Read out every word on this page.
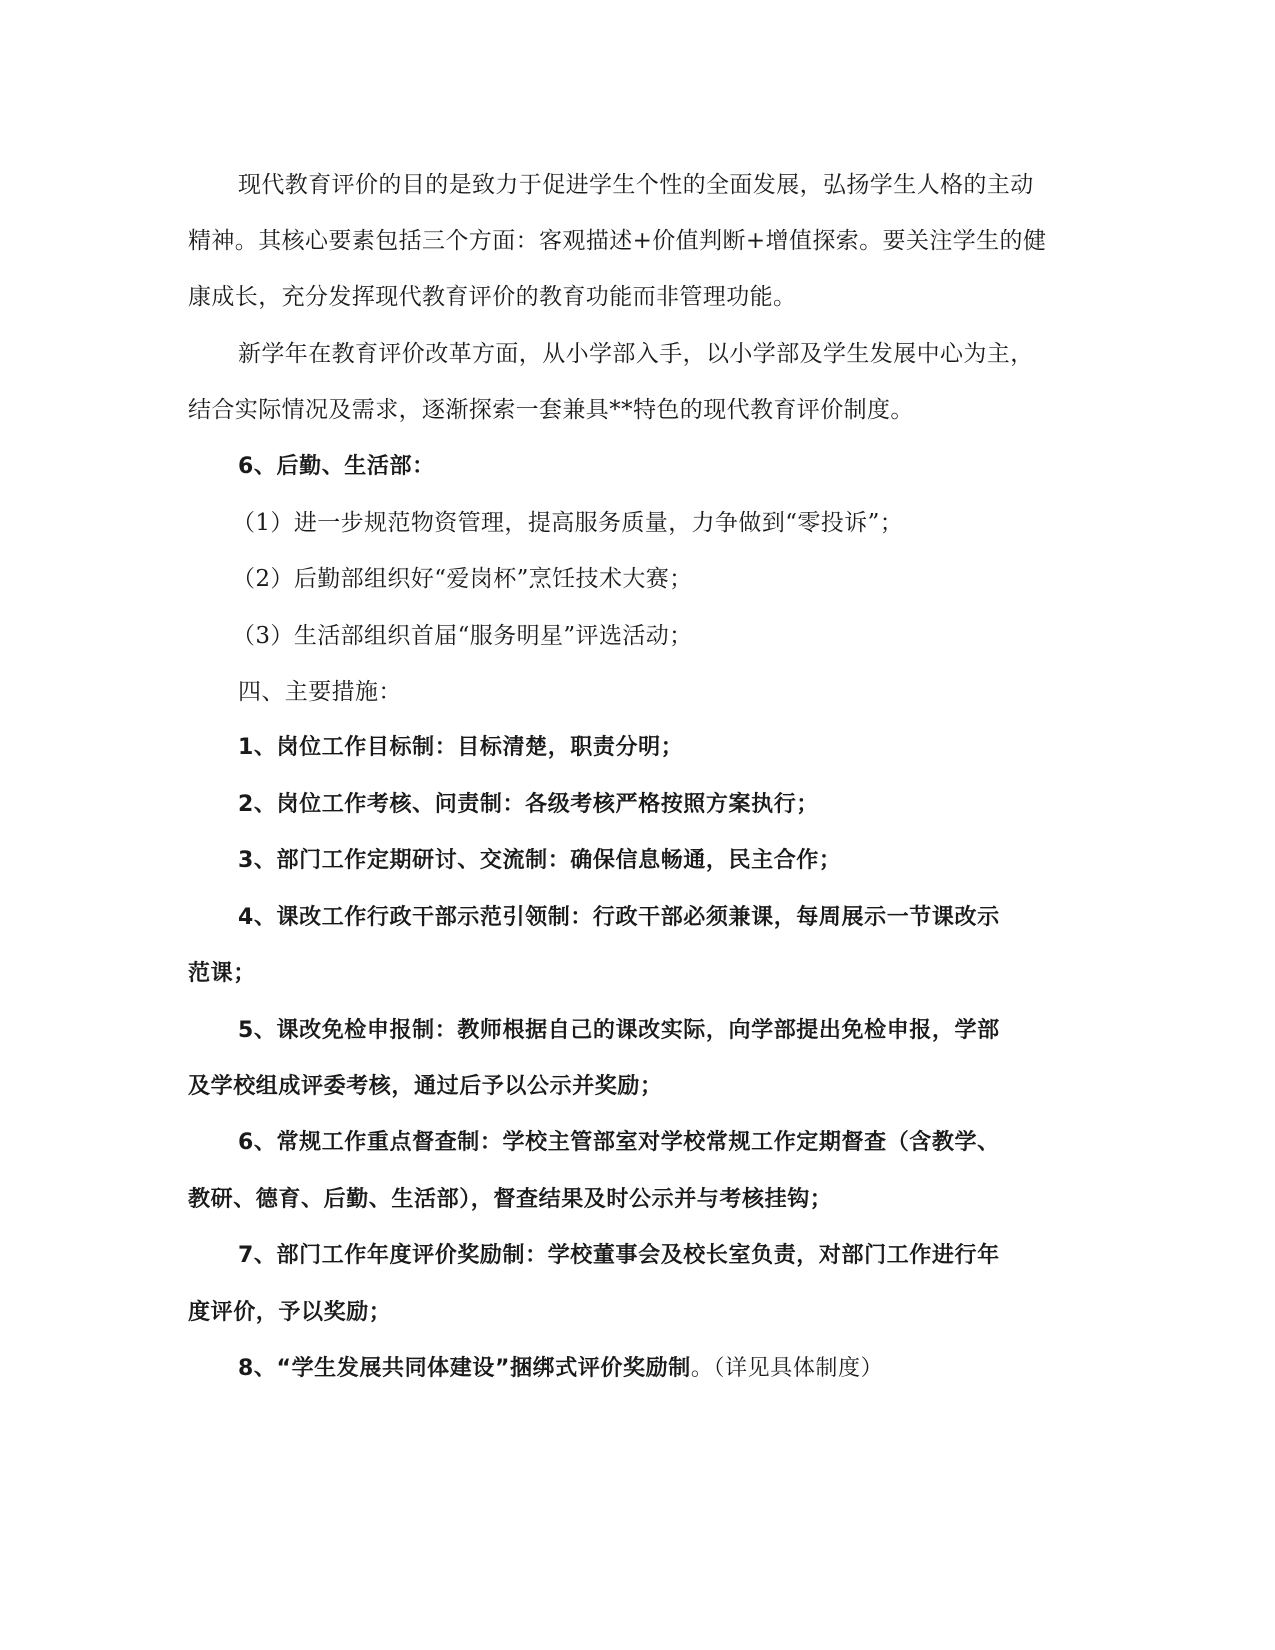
现代教育评价的目的是致力于促进学生个性的全面发展，弘扬学生人格的主动
精神。其核心要素包括三个方面：客观描述+价值判断+增值探索。要关注学生的健
康成长，充分发挥现代教育评价的教育功能而非管理功能。
新学年在教育评价改革方面，从小学部入手，以小学部及学生发展中心为主，
结合实际情况及需求，逐渐探索一套兼具**特色的现代教育评价制度。
6、后勤、生活部：
（1）进一步规范物资管理，提高服务质量，力争做到“零投诉”；
（2）后勤部组织好“爱岗杯”烹饪技术大赛；
（3）生活部组织首届“服务明星”评选活动；
四、主要措施：
1、岗位工作目标制：目标清楚，职责分明；
2、岗位工作考核、问责制：各级考核严格按照方案执行；
3、部门工作定期研讨、交流制：确保信息畅通，民主合作；
4、课改工作行政干部示范引领制：行政干部必须兼课，每周展示一节课改示
范课；
5、课改免检申报制：教师根据自己的课改实际，向学部提出免检申报，学部
及学校组成评委考核，通过后予以公示并奖励；
6、常规工作重点督查制：学校主管部室对学校常规工作定期督查（含教学、
教研、德育、后勤、生活部），督查结果及时公示并与考核挂钩；
7、部门工作年度评价奖励制：学校董事会及校长室负责，对部门工作进行年
度评价，予以奖励；
8、“学生发展共同体建设”捆绑式评价奖励制。（详见具体制度）
